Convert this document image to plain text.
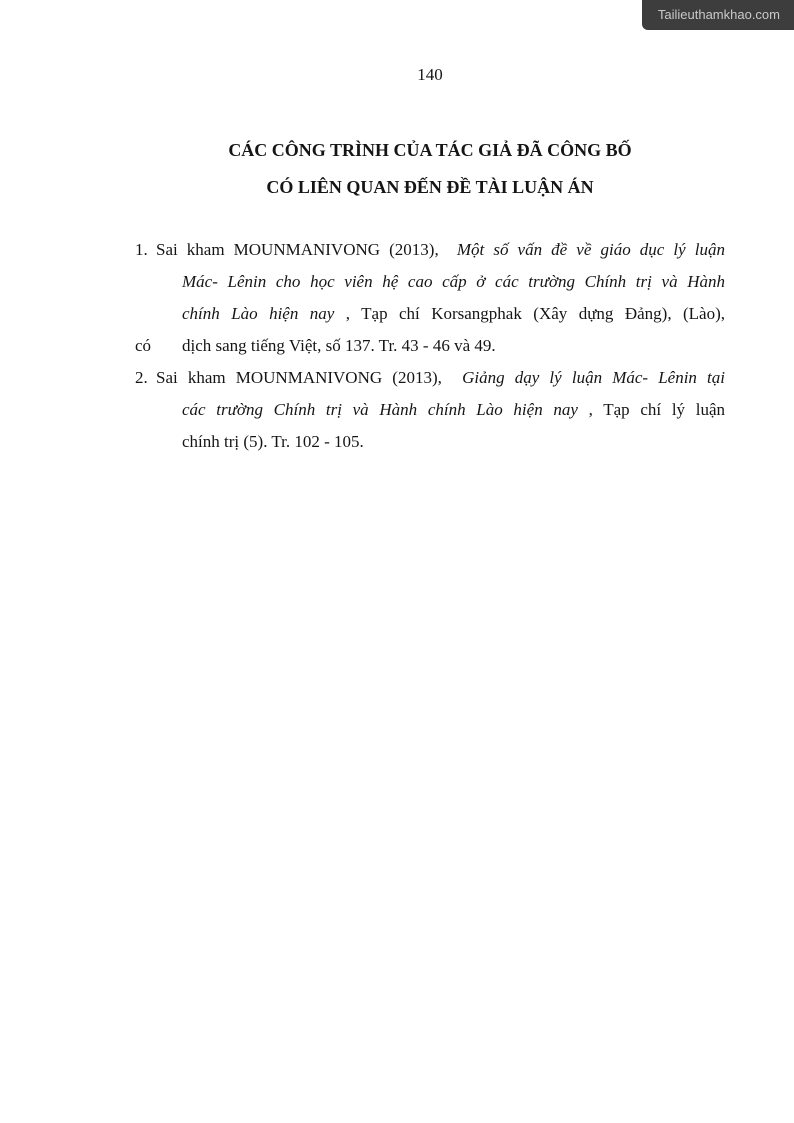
Tailieuthamkhao.com
140
CÁC CÔNG TRÌNH CỦA TÁC GIẢ ĐÃ CÔNG BỐ
CÓ LIÊN QUAN ĐẾN ĐỀ TÀI LUẬN ÁN
1. Sai kham MOUNMANIVONG (2013),  Một số vấn đề về giáo dục lý luận
Mác- Lênin cho học viên hệ cao cấp ở các trường Chính trị và Hành
chính Lào hiện nay , Tạp chí Korsangphak (Xây dựng Đảng), (Lào),
có dịch sang tiếng Việt, số 137. Tr. 43 - 46 và 49.
2. Sai kham MOUNMANIVONG (2013),  Giảng dạy lý luận Mác- Lênin tại
các trường Chính trị và Hành chính Lào hiện nay , Tạp chí lý luận
chính trị (5). Tr. 102 - 105.
